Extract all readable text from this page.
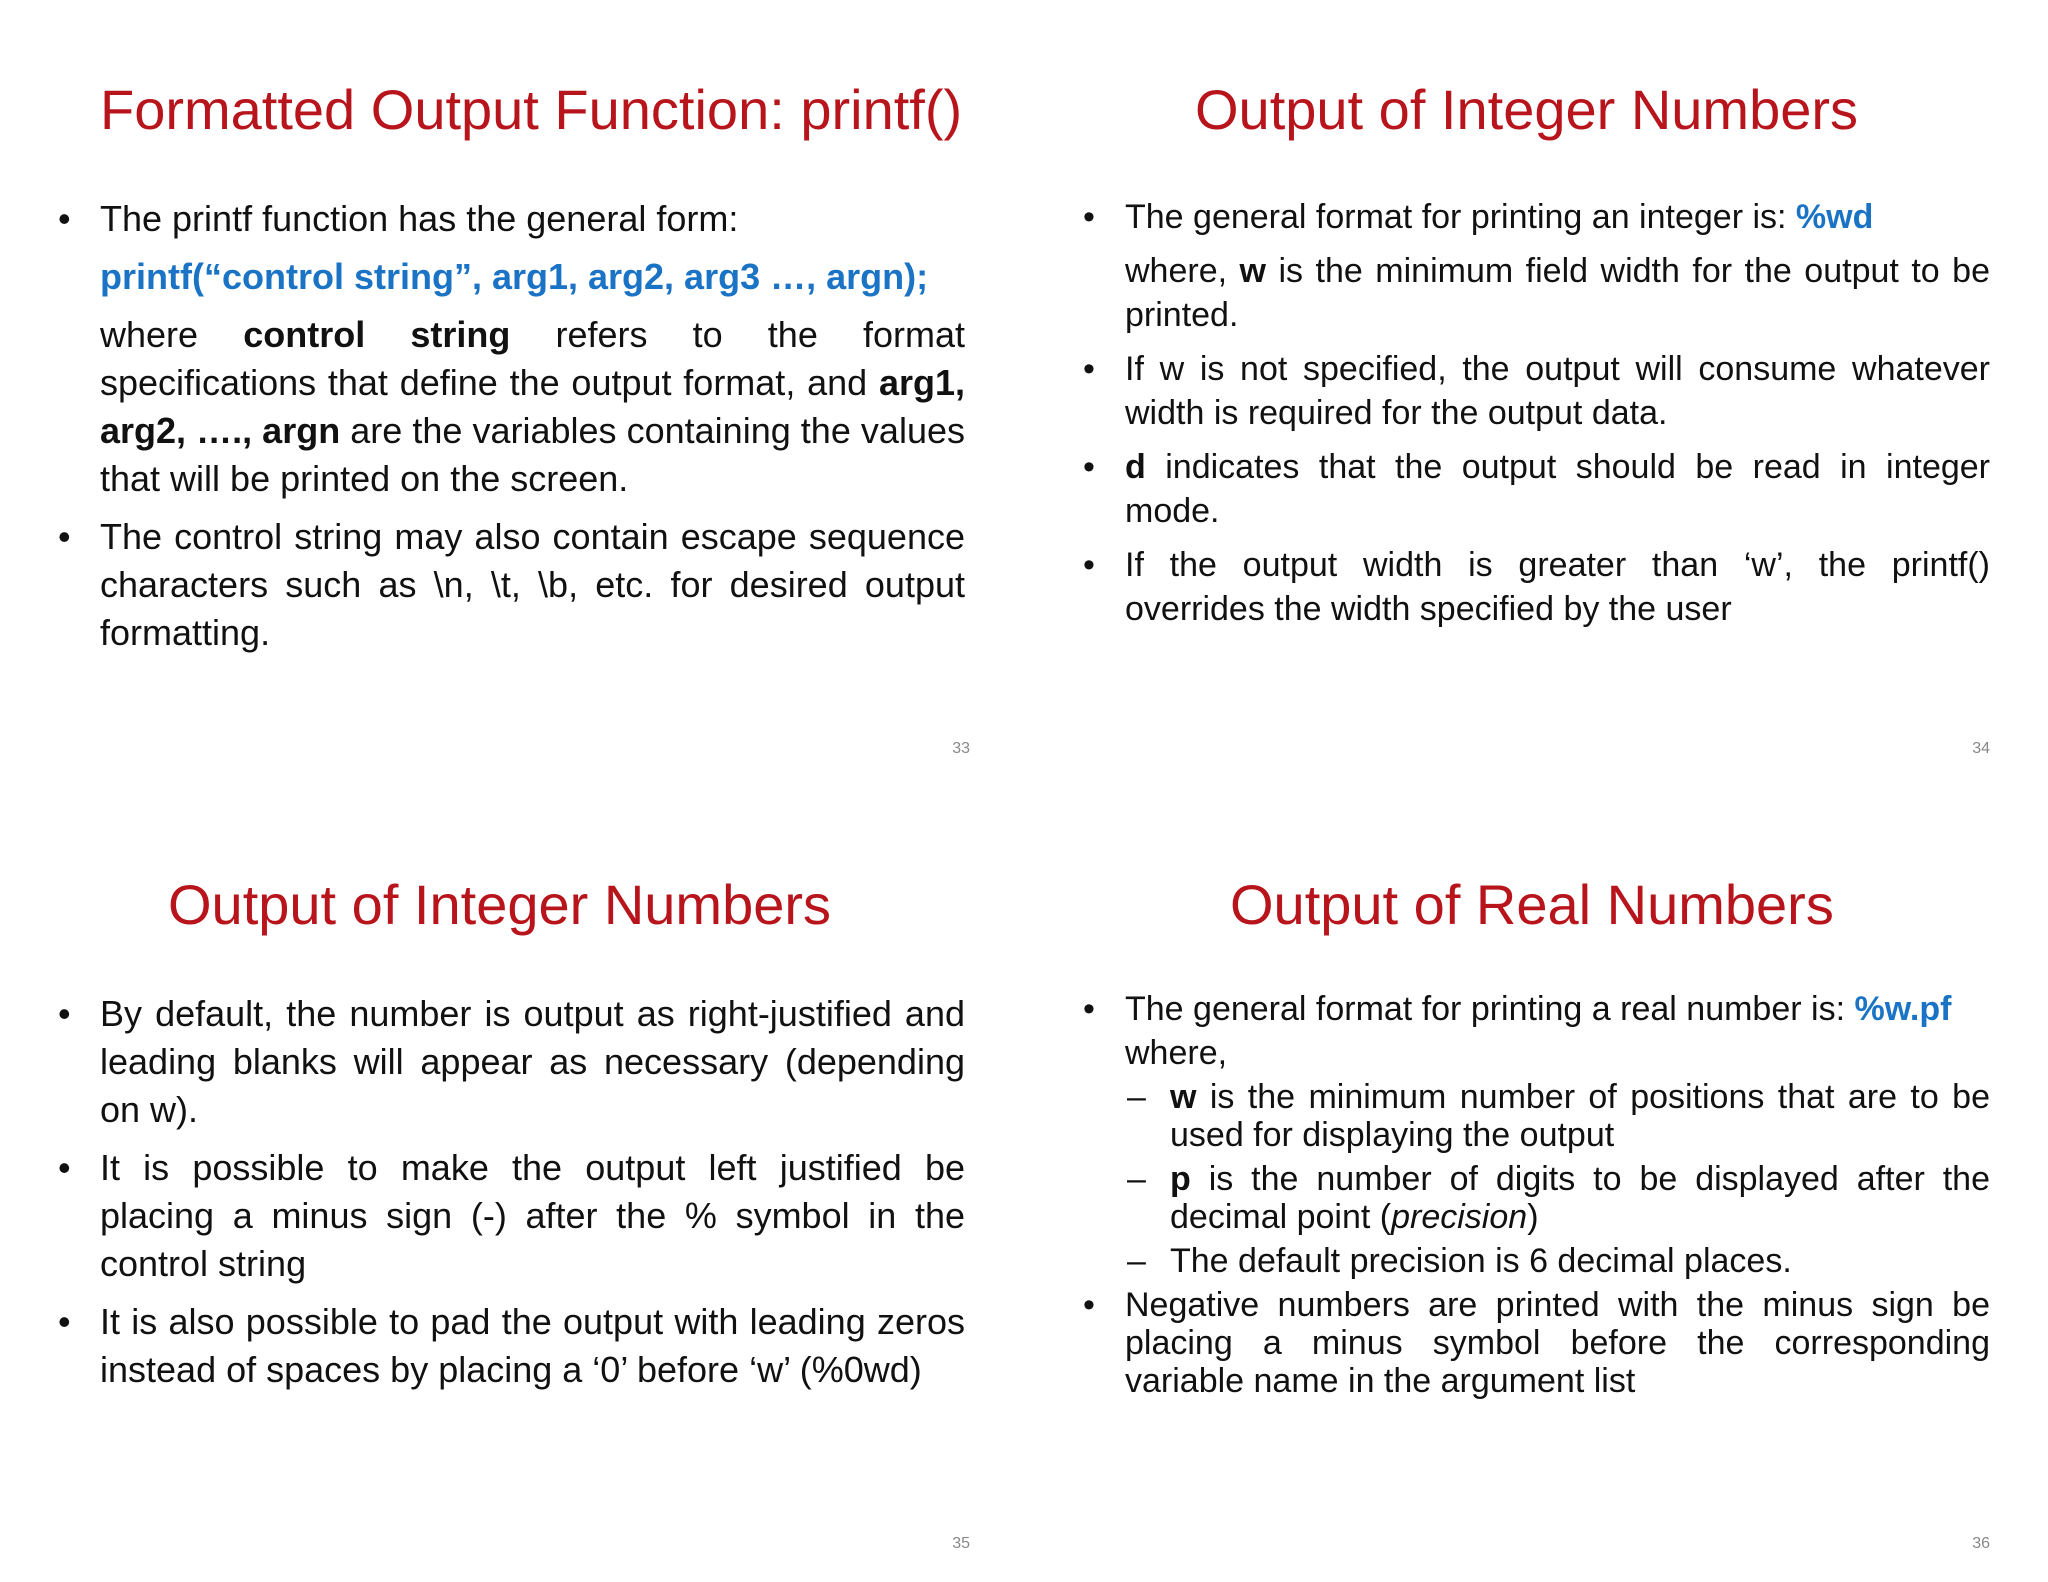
Formatted Output Function: printf()
• The printf function has the general form:
printf(“control string”, arg1, arg2, arg3 …, argn);
where control string refers to the format specifications that define the output format, and arg1, arg2, …., argn are the variables containing the values that will be printed on the screen.
• The control string may also contain escape sequence characters such as \n, \t, \b, etc. for desired output formatting.
33
Output of Integer Numbers
• The general format for printing an integer is: %wd
where, w is the minimum field width for the output to be printed.
• If w is not specified, the output will consume whatever width is required for the output data.
• d indicates that the output should be read in integer mode.
• If the output width is greater than ‘w’, the printf() overrides the width specified by the user
34
Output of Integer Numbers
• By default, the number is output as right-justified and leading blanks will appear as necessary (depending on w).
• It is possible to make the output left justified be placing a minus sign (-) after the % symbol in the control string
• It is also possible to pad the output with leading zeros instead of spaces by placing a ‘0’ before ‘w’ (%0wd)
35
Output of Real Numbers
• The general format for printing a real number is: %w.pf
where,
– w is the minimum number of positions that are to be used for displaying the output
– p is the number of digits to be displayed after the decimal point (precision)
– The default precision is 6 decimal places.
• Negative numbers are printed with the minus sign be placing a minus symbol before the corresponding variable name in the argument list
36
